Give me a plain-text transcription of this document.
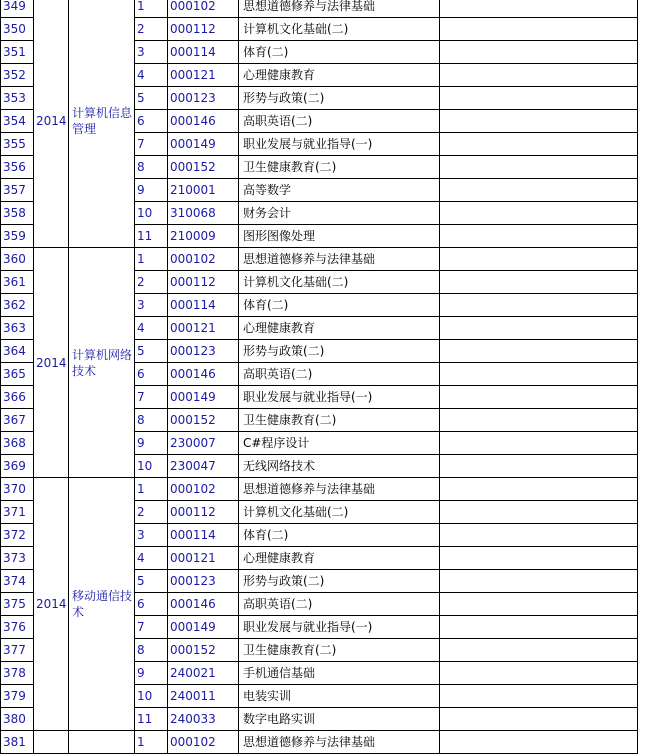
349	2014	计算机信息管理	1	000102	思想道德修养与法律基础	
350			2	000112	计算机文化基础(二)	
351			3	000114	体育(二)	
352			4	000121	心理健康教育	
353			5	000123	形势与政策(二)	
354			6	000146	高职英语(二)	
355			7	000149	职业发展与就业指导(一)	
356			8	000152	卫生健康教育(二)	
357			9	210001	高等数学	
358			10	310068	财务会计	
359			11	210009	图形图像处理	
360	2014	计算机网络技术	1	000102	思想道德修养与法律基础	
361			2	000112	计算机文化基础(二)	
362			3	000114	体育(二)	
363			4	000121	心理健康教育	
364			5	000123	形势与政策(二)	
365			6	000146	高职英语(二)	
366			7	000149	职业发展与就业指导(一)	
367			8	000152	卫生健康教育(二)	
368			9	230007	C#程序设计	
369			10	230047	无线网络技术	
370	2014	移动通信技术	1	000102	思想道德修养与法律基础	
371			2	000112	计算机文化基础(二)	
372			3	000114	体育(二)	
373			4	000121	心理健康教育	
374			5	000123	形势与政策(二)	
375			6	000146	高职英语(二)	
376			7	000149	职业发展与就业指导(一)	
377			8	000152	卫生健康教育(二)	
378			9	240021	手机通信基础	
379			10	240011	电装实训	
380			11	240033	数字电路实训	
381			1	000102	思想道德修养与法律基础	
